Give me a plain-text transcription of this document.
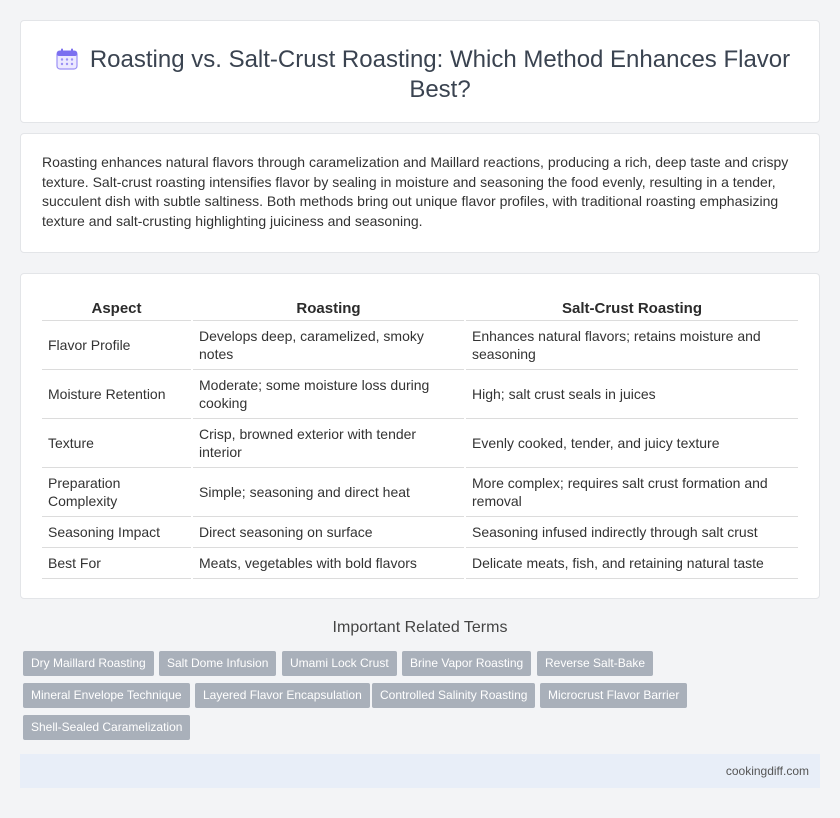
Roasting vs. Salt-Crust Roasting: Which Method Enhances Flavor Best?

Roasting enhances natural flavors through caramelization and Maillard reactions, producing a rich, deep taste and crispy texture. Salt-crust roasting intensifies flavor by sealing in moisture and seasoning the food evenly, resulting in a tender, succulent dish with subtle saltiness. Both methods bring out unique flavor profiles, with traditional roasting emphasizing texture and salt-crusting highlighting juiciness and seasoning.

Aspect	Roasting	Salt-Crust Roasting
Flavor Profile	Develops deep, caramelized, smoky notes	Enhances natural flavors; retains moisture and seasoning
Moisture Retention	Moderate; some moisture loss during cooking	High; salt crust seals in juices
Texture	Crisp, browned exterior with tender interior	Evenly cooked, tender, and juicy texture
Preparation Complexity	Simple; seasoning and direct heat	More complex; requires salt crust formation and removal
Seasoning Impact	Direct seasoning on surface	Seasoning infused indirectly through salt crust
Best For	Meats, vegetables with bold flavors	Delicate meats, fish, and retaining natural taste
Important Related Terms
Dry Maillard Roasting	Salt Dome Infusion	Umami Lock Crust	Brine Vapor Roasting	Reverse Salt-Bake
Mineral Envelope Technique	Layered Flavor Encapsulation	Controlled Salinity Roasting	Microcrust Flavor Barrier
Shell-Sealed Caramelization
cookingdiff.com
